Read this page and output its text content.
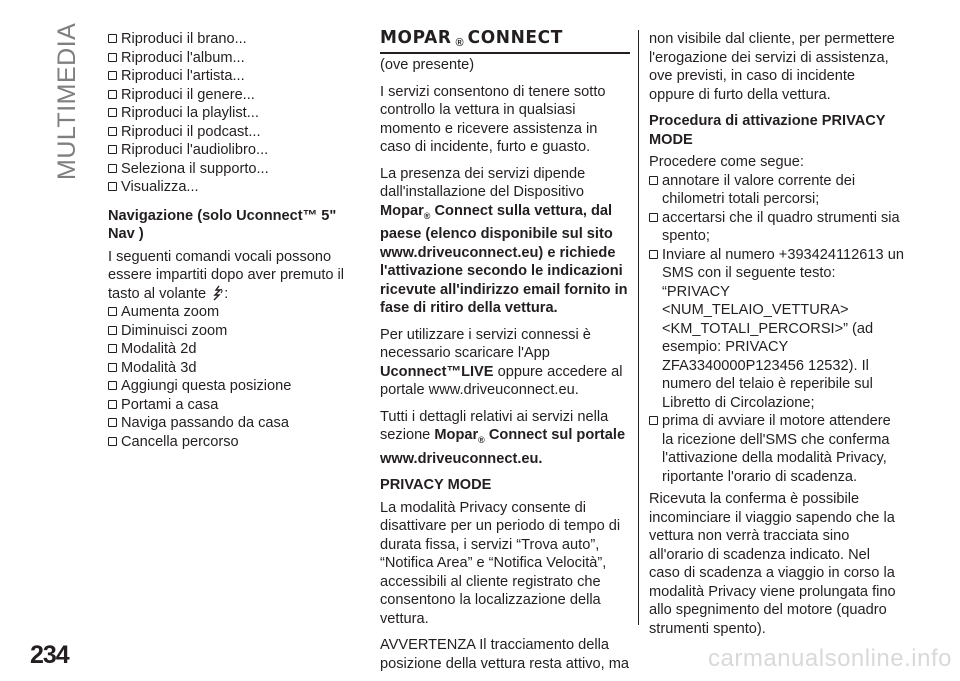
MULTIMEDIA	Riproduci il brano...
Riproduci l'album...
Riproduci l'artista...
Riproduci il genere...
Riproduci la playlist...
Riproduci il podcast...
Riproduci l'audiolibro...
Seleziona il supporto...
Visualizza...
Navigazione (solo Uconnect™ 5" Nav )
I seguenti comandi vocali possono essere impartiti dopo aver premuto il tasto al volante :
Aumenta zoom
Diminuisci zoom
Modalità 2d
Modalità 3d
Aggiungi questa posizione
Portami a casa
Naviga passando da casa
Cancella percorso
MOPAR ® CONNECT

(ove presente)

I servizi consentono di tenere sotto controllo la vettura in qualsiasi momento e ricevere assistenza in caso di incidente, furto e guasto.

La presenza dei servizi dipende dall'installazione del Dispositivo Mopar$_®$ Connect sulla vettura, dal paese (elenco disponibile sul sito www.driveuconnect.eu) e richiede l'attivazione secondo le indicazioni ricevute all'indirizzo email fornito in fase di ritiro della vettura.

Per utilizzare i servizi connessi è necessario scaricare l'App Uconnect™LIVE oppure accedere al portale www.driveuconnect.eu.

Tutti i dettagli relativi ai servizi nella sezione Mopar$_®$ Connect sul portale www.driveuconnect.eu.

PRIVACY MODE

La modalità Privacy consente di disattivare per un periodo di tempo di durata fissa, i servizi “Trova auto”, “Notifica Area” e “Notifica Velocità”, accessibili al cliente registrato che consentono la localizzazione della vettura.

AVVERTENZA Il tracciamento della posizione della vettura resta attivo, ma

non visibile dal cliente, per permettere l'erogazione dei servizi di assistenza, ove previsti, in caso di incidente oppure di furto della vettura.

Procedura di attivazione PRIVACY MODE
Procedere come segue:
annotare il valore corrente dei chilometri totali percorsi;
accertarsi che il quadro strumenti sia spento;
Inviare al numero +393424112613 un SMS con il seguente testo: “PRIVACY <NUM_TELAIO_VETTURA> <KM_TOTALI_PERCORSI>” (ad esempio: PRIVACY ZFA3340000P123456 12532). Il numero del telaio è reperibile sul Libretto di Circolazione;
prima di avviare il motore attendere la ricezione dell'SMS che conferma l'attivazione della modalità Privacy, riportante l'orario di scadenza.

Ricevuta la conferma è possibile incominciare il viaggio sapendo che la vettura non verrà tracciata sino all'orario di scadenza indicato. Nel caso di scadenza a viaggio in corso la modalità Privacy viene prolungata fino allo spegnimento del motore (quadro strumenti spento).

234	carmanualsonline.info
